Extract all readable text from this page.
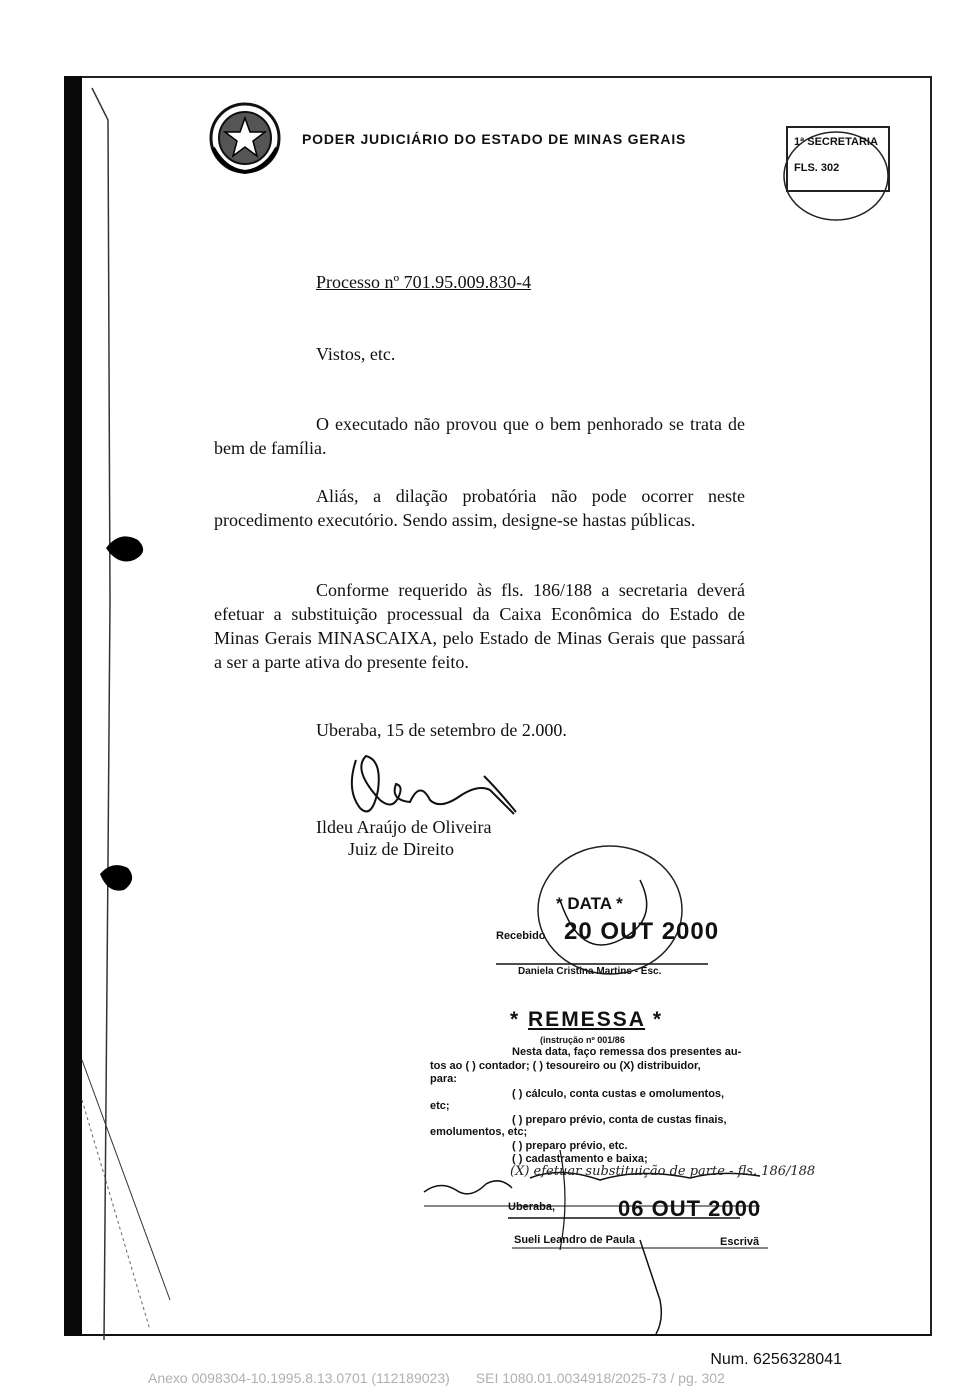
PODER JUDICIÁRIO DO ESTADO DE MINAS GERAIS	1ª SECRETARIA
FLS. 302
Processo nº 701.95.009.830-4
Vistos, etc.
O executado não provou que o bem penhorado se trata de bem de família.
Aliás, a dilação probatória não pode ocorrer neste procedimento executório. Sendo assim, designe-se hastas públicas.
Conforme requerido às fls. 186/188 a secretaria deverá efetuar a substituição processual da Caixa Econômica do Estado de Minas Gerais MINASCAIXA, pelo Estado de Minas Gerais que passará a ser a parte ativa do presente feito.
Uberaba, 15 de setembro de 2.000.
Ildeu Araújo de Oliveira
Juiz de Direito
* DATA *
Recebido 20 OUT 2000
Daniela Cristina Martins - Esc.
* REMESSA *
(instrução nº 001/86
Nesta data, faço remessa dos presentes au-
tos ao ( ) contador; ( ) tesoureiro ou (X) distribuidor,
para:
( ) cálculo, conta custas e omolumentos,
etc;
( ) preparo prévio, conta de custas finais,
emolumentos, etc;
( ) preparo prévio, etc.
( ) cadastramento e baixa;
(X) efetuar substituição de parte - fls. 186/188
Uberaba,	06 OUT 2000
Sueli Leandro de Paula	Escrivã
Num. 6256328041
Anexo 0098304-10.1995.8.13.0701 (112189023) SEI 1080.01.0034918/2025-73 / pg. 302
